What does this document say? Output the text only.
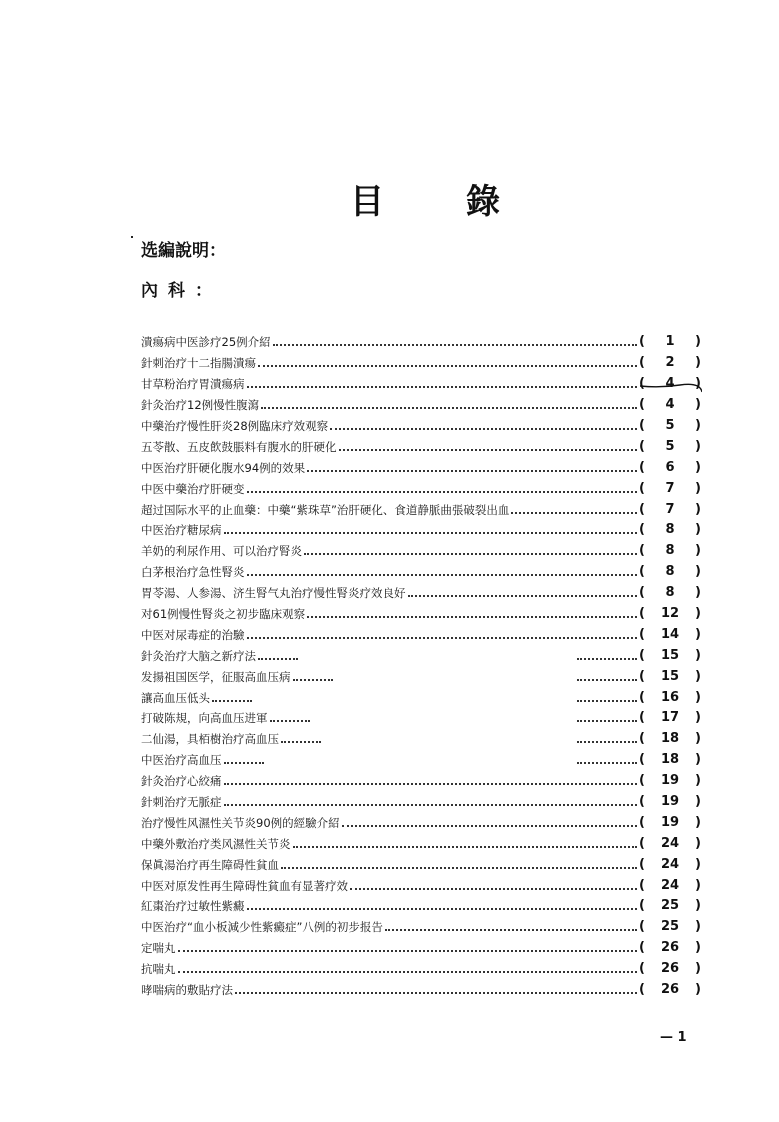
目 錄
选編說明：
內科：
潰瘍病中医診疗25例介紹	(	1	)
針刺治疗十二指腸潰瘍	(	2	)
甘草粉治疗胃潰瘍病	(	4	)
針灸治疗12例慢性腹瀉	(	4	)
中藥治疗慢性肝炎28例臨床疗效观察	(	5	)
五苓散、五皮飲鼓脹料有腹水的肝硬化	(	5	)
中医治疗肝硬化腹水94例的效果	(	6	)
中医中藥治疗肝硬变	(	7	)
超过国际水平的止血藥：中藥“紫珠草”治肝硬化、食道静脈曲張破裂出血	(	7	)
中医治疗糖尿病	(	8	)
羊奶的利尿作用、可以治疗腎炎	(	8	)
白茅根治疗急性腎炎	(	8	)
胃苓湯、人参湯、济生腎气丸治疗慢性腎炎疗效良好	(	8	)
对61例慢性腎炎之初步臨床观察	(	12	)
中医对尿毒症的治驗	(	14	)
針灸治疗大脑之新疗法	(	15	)
发揚祖国医学，征服高血压病	(	15	)
讓高血压低头	(	16	)
打破陈規，向高血压进軍	(	17	)
二仙湯，具栢樹治疗高血压	(	18	)
中医治疗高血压	(	18	)
針灸治疗心絞痛	(	19	)
針刺治疗无脈症	(	19	)
治疗慢性风濕性关节炎90例的經驗介紹	(	19	)
中藥外敷治疗类风濕性关节炎	(	24	)
保眞湯治疗再生障碍性貧血	(	24	)
中医对原发性再生障碍性貧血有显著疗效	(	24	)
紅棗治疗过敏性紫癜	(	25	)
中医治疗“血小板減少性紫癜症”八例的初步报告	(	25	)
定喘丸	(	26	)
抗喘丸	(	26	)
哮喘病的敷貼疗法	(	26	)
— 1
